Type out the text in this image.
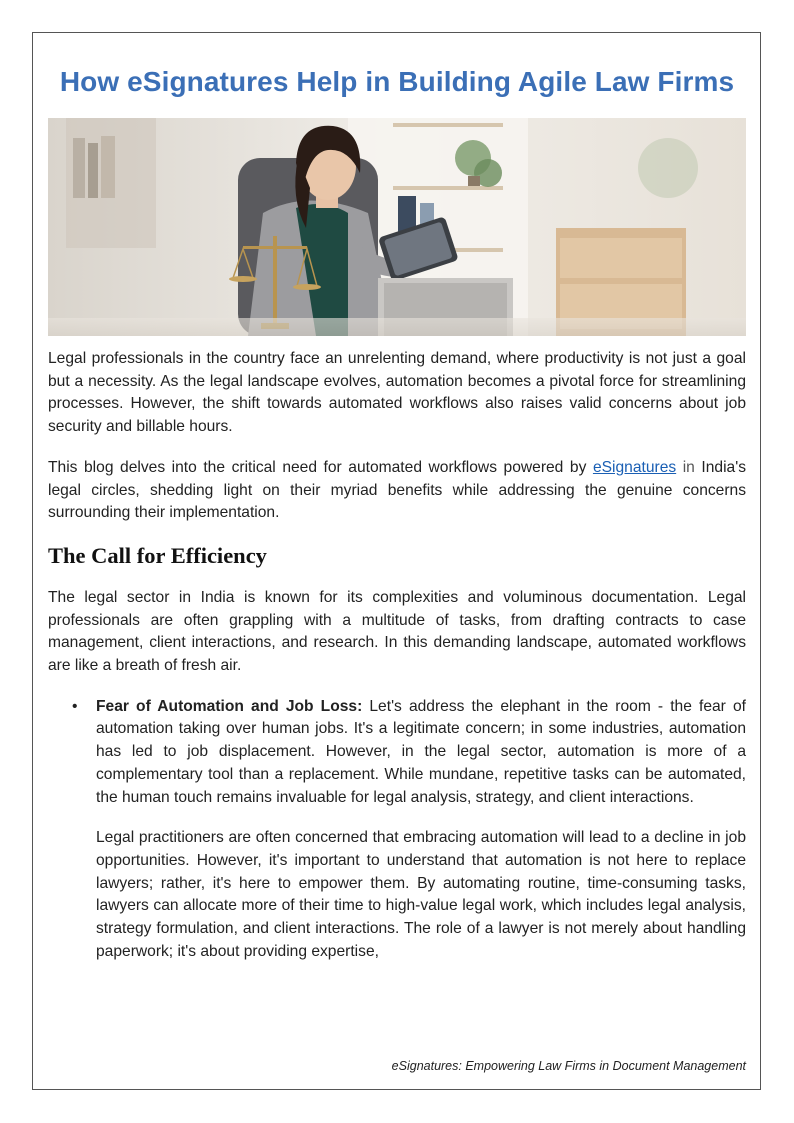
How eSignatures Help in Building Agile Law Firms

Legal professionals in the country face an unrelenting demand, where productivity is not just a goal but a necessity. As the legal landscape evolves, automation becomes a pivotal force for streamlining processes. However, the shift towards automated workflows also raises valid concerns about job security and billable hours.

This blog delves into the critical need for automated workflows powered by eSignatures in India's legal circles, shedding light on their myriad benefits while addressing the genuine concerns surrounding their implementation.

The Call for Efficiency

The legal sector in India is known for its complexities and voluminous documentation. Legal professionals are often grappling with a multitude of tasks, from drafting contracts to case management, client interactions, and research. In this demanding landscape, automated workflows are like a breath of fresh air.

• Fear of Automation and Job Loss: Let's address the elephant in the room - the fear of automation taking over human jobs. It's a legitimate concern; in some industries, automation has led to job displacement. However, in the legal sector, automation is more of a complementary tool than a replacement. While mundane, repetitive tasks can be automated, the human touch remains invaluable for legal analysis, strategy, and client interactions.

Legal practitioners are often concerned that embracing automation will lead to a decline in job opportunities. However, it's important to understand that automation is not here to replace lawyers; rather, it's here to empower them. By automating routine, time-consuming tasks, lawyers can allocate more of their time to high-value legal work, which includes legal analysis, strategy formulation, and client interactions. The role of a lawyer is not merely about handling paperwork; it's about providing expertise,

eSignatures: Empowering Law Firms in Document Management
